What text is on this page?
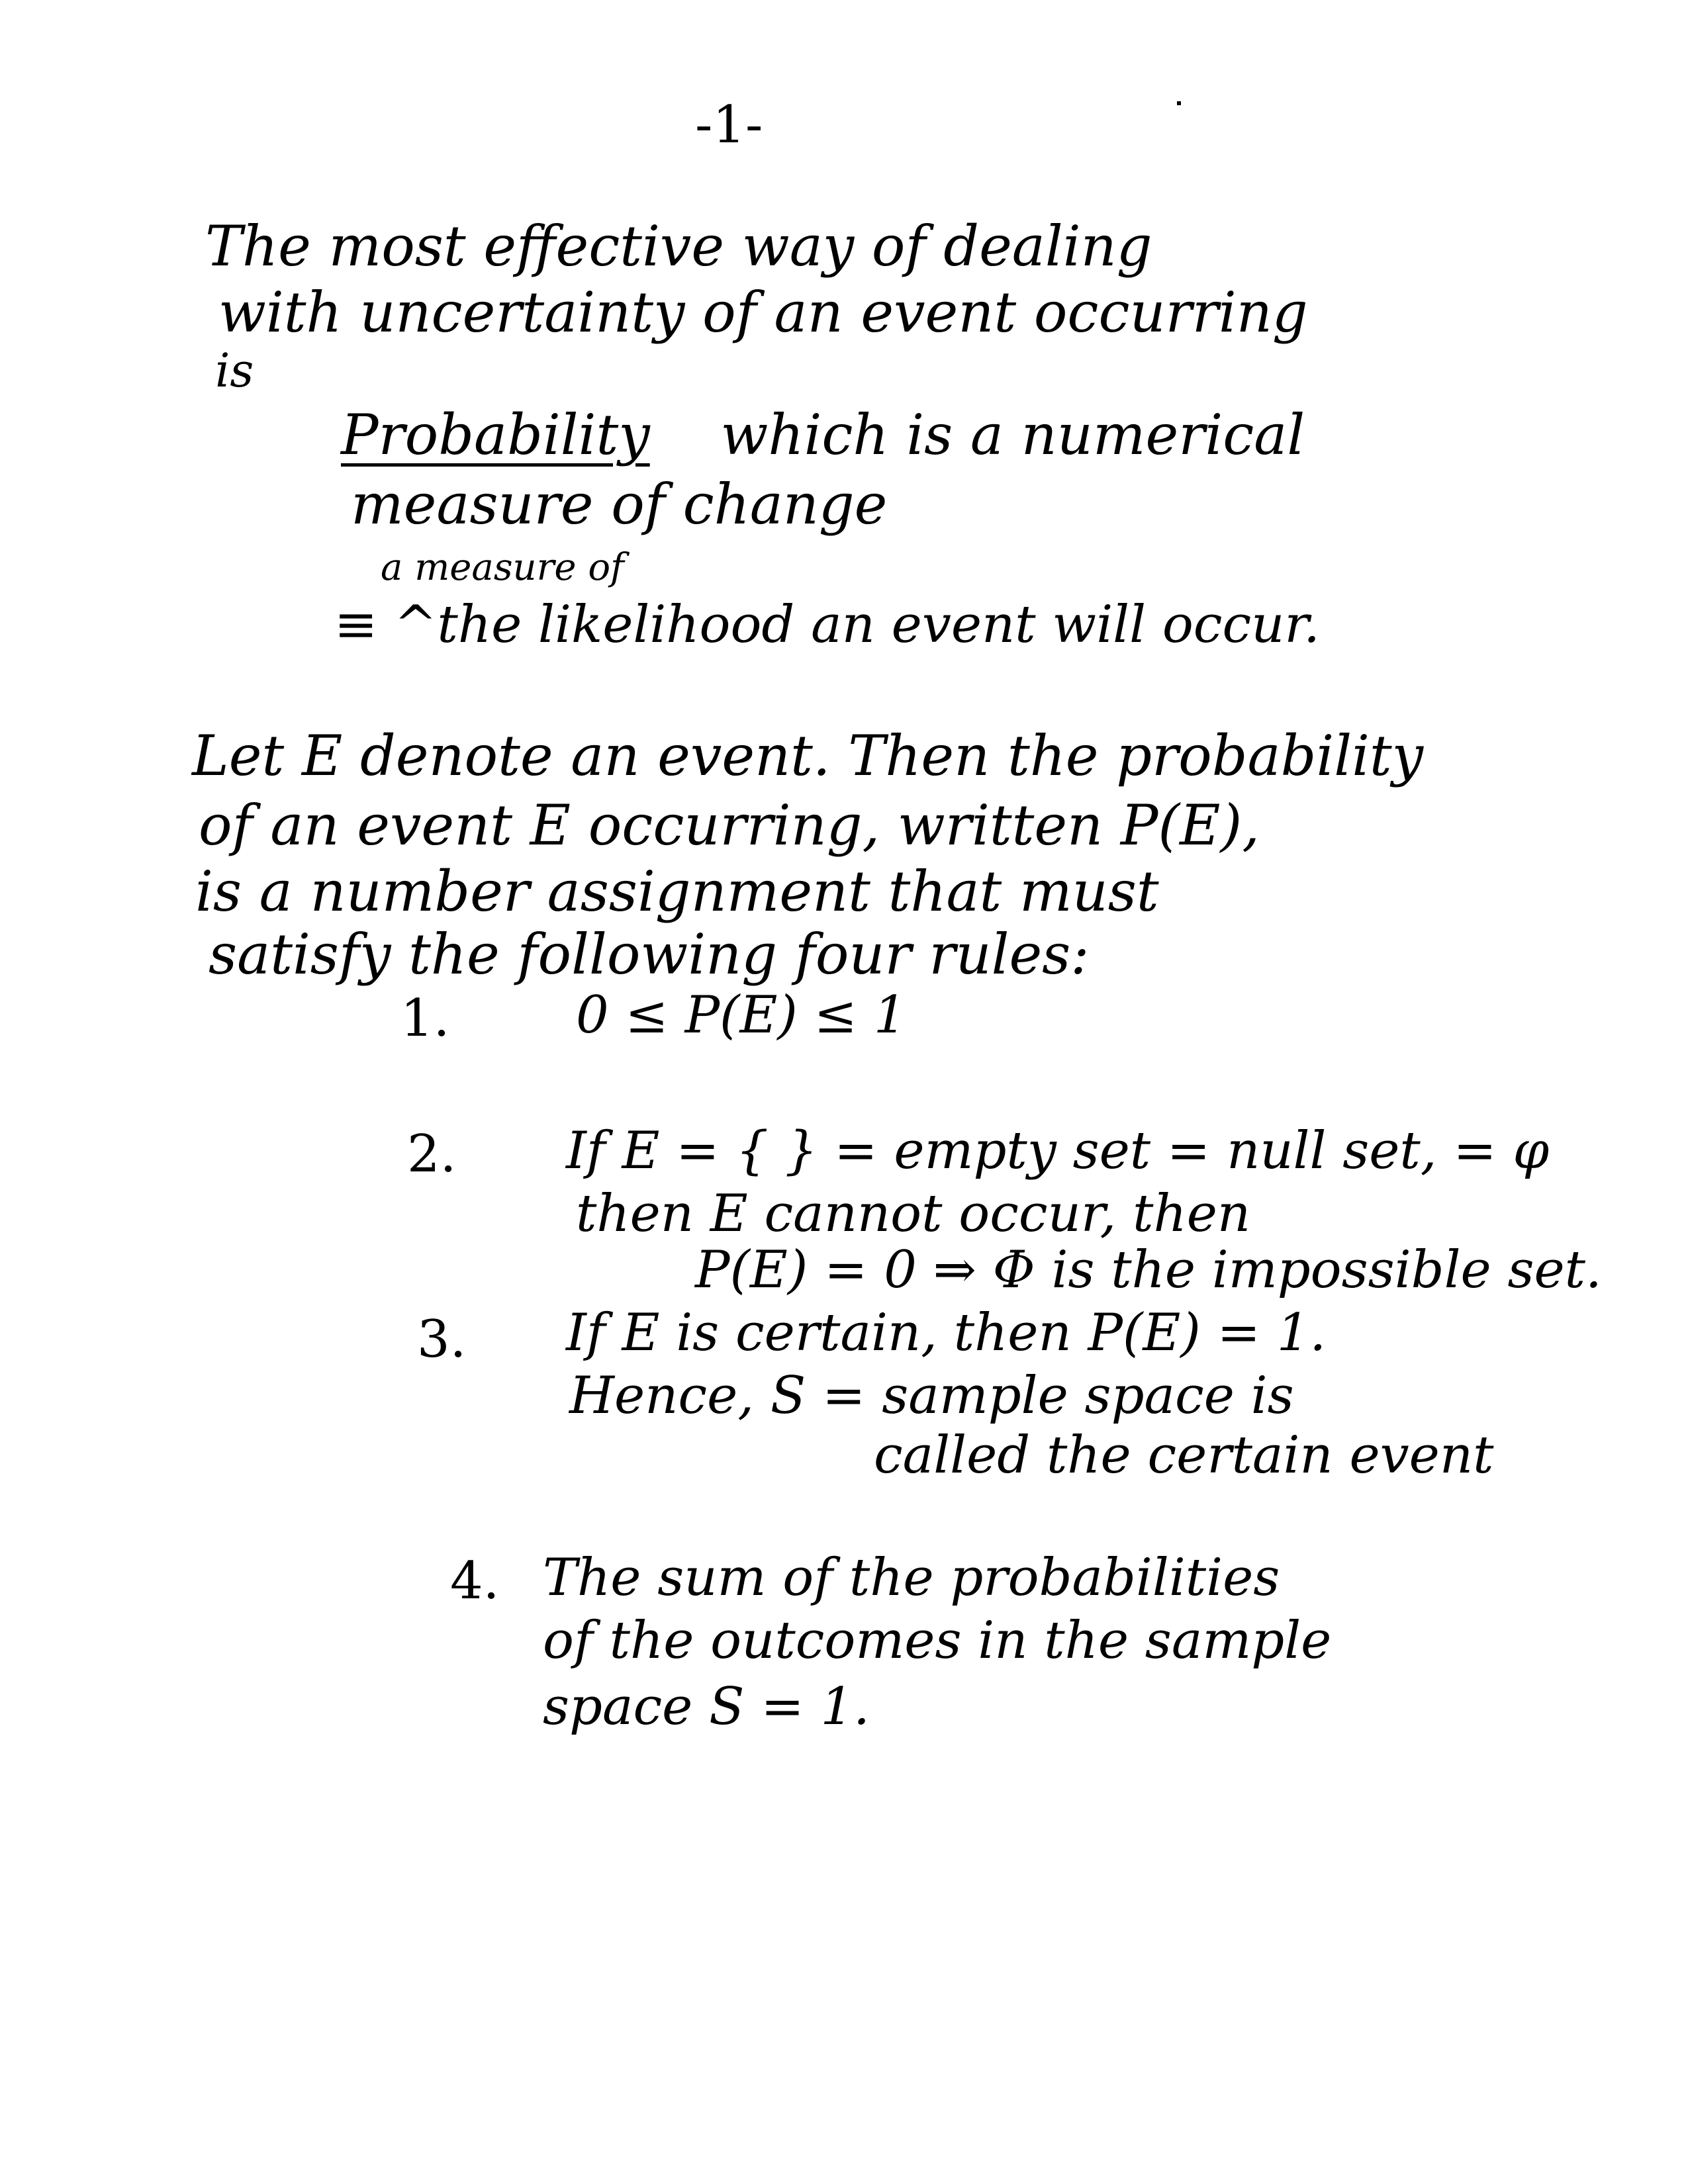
-1-
The most effective way of dealing
with uncertainty of an event occurring
is
Probability which is a numerical
measure of change
a measure of
≡ ^the likelihood an event will occur.
Let E denote an event. Then the probability
of an event E occurring, written P(E),
is a number assignment that must
satisfy the following four rules:
1. 0 ≤ P(E) ≤ 1
2. If E = { } = empty set = null set, = φ
then E cannot occur, then
P(E) = 0 ⇒ Φ is the impossible set.
3. If E is certain, then P(E) = 1.
Hence, S = sample space is
called the certain event
4. The sum of the probabilities
of the outcomes in the sample
space S = 1.
